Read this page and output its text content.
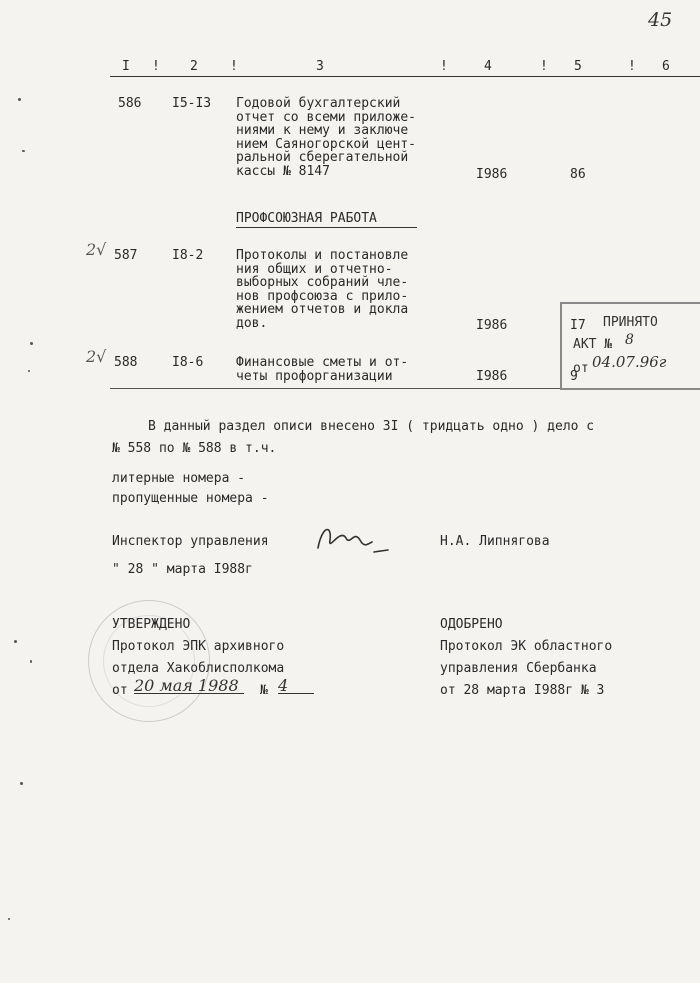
45
I ! 2 !	3	!	4	! 5	! 6
586 I5-I3 Годовой бухгалтерский
отчет со всеми приложе-
ниями к нему и заключе
нием Саяногорской цент-
ральной сберегательной
кассы № 8147	I986	86
ПРОФСОЮЗНАЯ РАБОТА
2√ 587	I8-2	Протоколы и постановле
ния общих и отчетно-
выборных собраний чле-
нов профсоюза с прило-
жением отчетов и докла
дов.	I986	I7
2√ 588	I8-6	Финансовые сметы и от-
четы профорганизации	I986	9
ПРИНЯТО
АКТ № 8
от 04.07.96г
В данный раздел описи внесено 3I ( тридцать одно ) дело с
№ 558 по № 588 в т.ч.
литерные номера -
пропущенные номера -
Инспектор управления	Н.А. Липнягова
" 28 " марта I988г
УТВЕРЖДЕНО
Протокол ЭПК архивного
отдела Хакоблисполкома
от 20 мая 1988	№ 4
ОДОБРЕНО
Протокол ЭК областного
управления Сбербанка
от 28 марта I988г № 3
